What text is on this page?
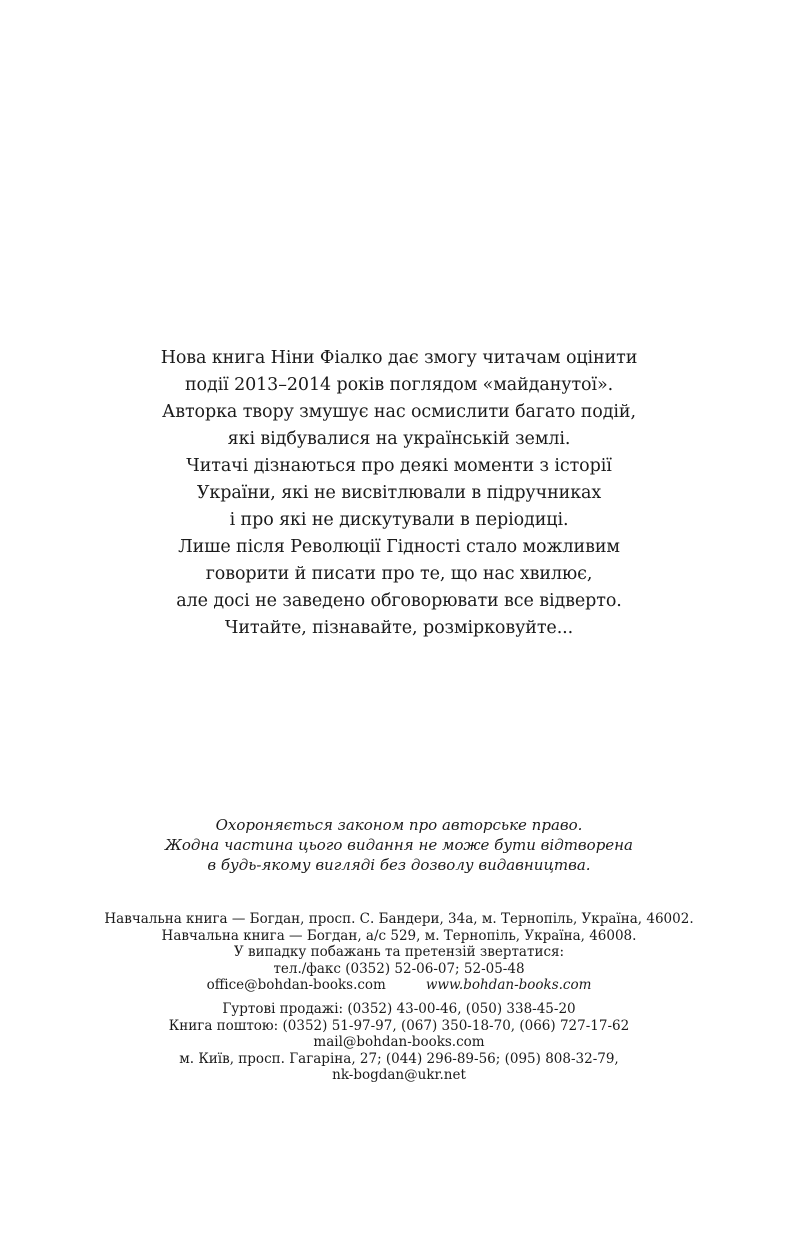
Нова книга Ніни Фіалко дає змогу читачам оцінити
події 2013–2014 років поглядом «майданутої».
Авторка твору змушує нас осмислити багато подій,
які відбувалися на українській землі.
Читачі дізнаються про деякі моменти з історії
України, які не висвітлювали в підручниках
і про які не дискутували в періодиці.
Лише після Революції Гідності стало можливим
говорити й писати про те, що нас хвилює,
але досі не заведено обговорювати все відверто.
Читайте, пізнавайте, розмірковуйте...
Охороняється законом про авторське право.
Жодна частина цього видання не може бути відтворена
в будь-якому вигляді без дозволу видавництва.
Навчальна книга — Богдан, просп. С. Бандери, 34а, м. Тернопіль, Україна, 46002.
Навчальна книга — Богдан, а/с 529, м. Тернопіль, Україна, 46008.
У випадку побажань та претензій звертатися:
тел./факс (0352) 52-06-07; 52-05-48
office@bohdan-books.com	www.bohdan-books.com
Гуртові продажі: (0352) 43-00-46, (050) 338-45-20
Книга поштою: (0352) 51-97-97, (067) 350-18-70, (066) 727-17-62
mail@bohdan-books.com
м. Київ, просп. Гагаріна, 27; (044) 296-89-56; (095) 808-32-79,
nk-bogdan@ukr.net
